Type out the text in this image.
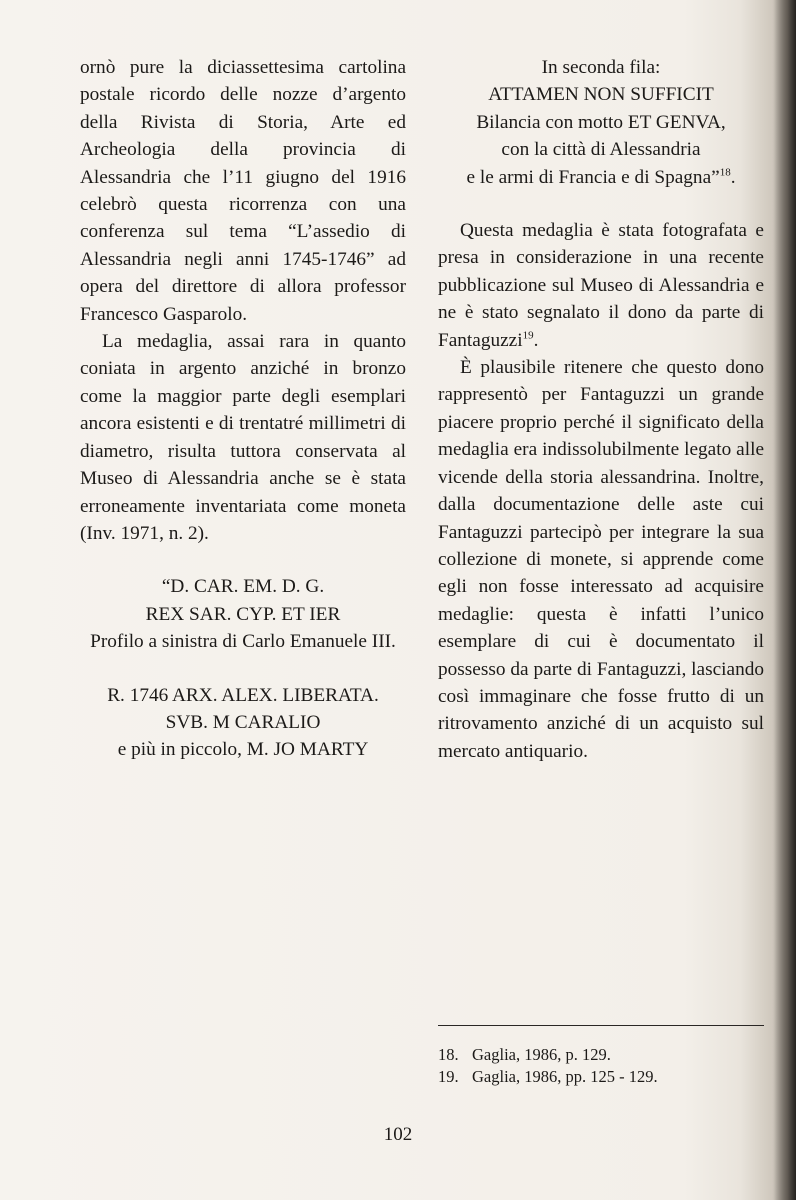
ornò pure la diciassettesima cartolina postale ricordo delle nozze d’argento della Rivista di Storia, Arte ed Archeologia della provincia di Alessandria che l’11 giugno del 1916 celebrò questa ricorrenza con una conferenza sul tema “L’assedio di Alessandria negli anni 1745-1746” ad opera del direttore di allora professor Francesco Gasparolo.

La medaglia, assai rara in quanto coniata in argento anziché in bronzo come la maggior parte degli esemplari ancora esistenti e di trentatré millimetri di diametro, risulta tuttora conservata al Museo di Alessandria anche se è stata erroneamente inventariata come moneta (Inv. 1971, n. 2).

“D. CAR. EM. D. G.
REX SAR. CYP. ET IER
Profilo a sinistra di Carlo Emanuele III.
R. 1746 ARX. ALEX. LIBERATA.
SVB. M CARALIO
e più in piccolo, M. JO MARTY
In seconda fila:
ATTAMEN NON SUFFICIT
Bilancia con motto ET GENVA,
con la città di Alessandria
e le armi di Francia e di Spagna”$^{18}$.

Questa medaglia è stata fotografata e presa in considerazione in una recente pubblicazione sul Museo di Alessandria e ne è stato segnalato il dono da parte di Fantaguzzi$^{19}$.

È plausibile ritenere che questo dono rappresentò per Fantaguzzi un grande piacere proprio perché il significato della medaglia era indissolubilmente legato alle vicende della storia alessandrina. Inoltre, dalla documentazione delle aste cui Fantaguzzi partecipò per integrare la sua collezione di monete, si apprende come egli non fosse interessato ad acquisire medaglie: questa è infatti l’unico esemplare di cui è documentato il possesso da parte di Fantaguzzi, lasciando così immaginare che fosse frutto di un ritrovamento anziché di un acquisto sul mercato antiquario.

18. Gaglia, 1986, p. 129.
19. Gaglia, 1986, pp. 125 - 129.
102
